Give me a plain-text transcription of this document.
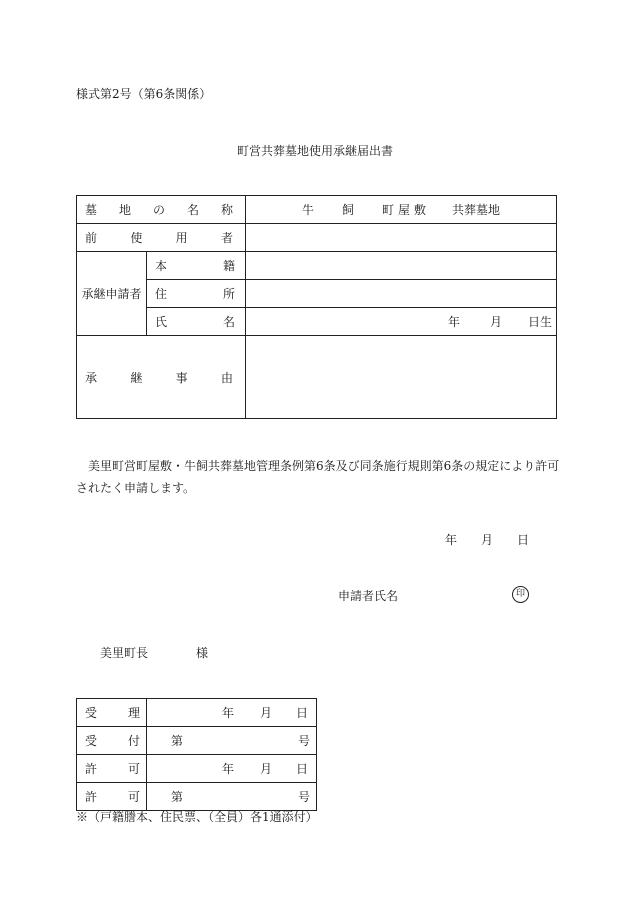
様式第2号（第6条関係）
町営共葬墓地使用承継届出書
墓 地 の 名 称		牛 飼 町屋敷 共葬墓地

前 使 用 者		

承継申請者	本 籍	

	住 所	

	氏 名	年 月 日生

承 継 事 由		

美里町営町屋敷・牛飼共葬墓地管理条例第6条及び同条施行規則第6条の規定により許可されたく申請します。
年 月 日
申請者氏名	印
美里町長	様
受 理	年 月 日

受 付	第 号

許 可	年 月 日

許 可	第 号
※（戸籍謄本、住民票、（全員）各1通添付）
